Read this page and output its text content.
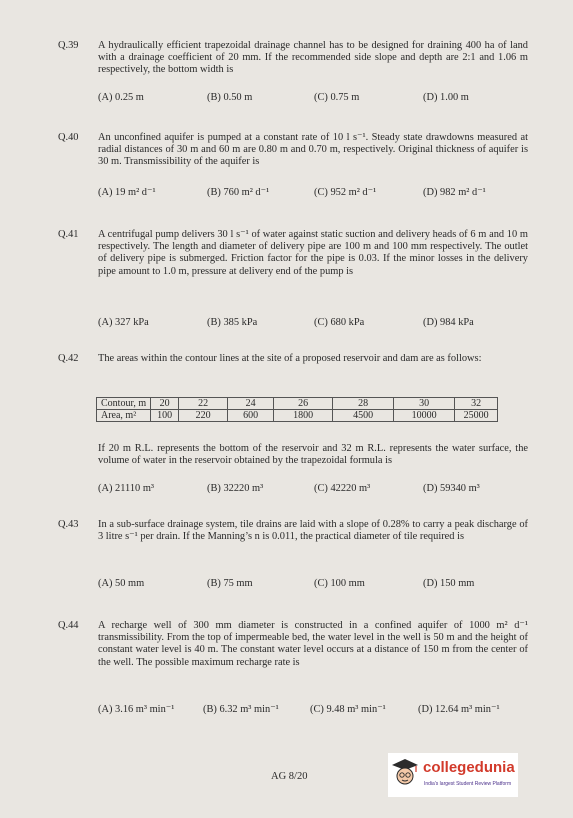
Q.39	A hydraulically efficient trapezoidal drainage channel has to be designed for draining 400 ha of land with a drainage coefficient of 20 mm. If the recommended side slope and depth are 2:1 and 1.06 m respectively, the bottom width is
(A) 0.25 m	(B) 0.50 m	(C) 0.75 m	(D) 1.00 m
Q.40	An unconfined aquifer is pumped at a constant rate of 10 l s⁻¹. Steady state drawdowns measured at radial distances of 30 m and 60 m are 0.80 m and 0.70 m, respectively. Original thickness of aquifer is 30 m. Transmissibility of the aquifer is
(A) 19 m² d⁻¹	(B) 760 m² d⁻¹	(C) 952 m² d⁻¹	(D) 982 m² d⁻¹
Q.41	A centrifugal pump delivers 30 l s⁻¹ of water against static suction and delivery heads of 6 m and 10 m respectively. The length and diameter of delivery pipe are 100 m and 100 mm respectively. The outlet of delivery pipe is submerged. Friction factor for the pipe is 0.03. If the minor losses in the delivery pipe amount to 1.0 m, pressure at delivery end of the pump is
(A) 327 kPa	(B) 385 kPa	(C) 680 kPa	(D) 984 kPa
Q.42	The areas within the contour lines at the site of a proposed reservoir and dam are as follows:
Contour, m	20	22	24	26	28	30	32
Area, m²	100	220	600	1800	4500	10000	25000
If 20 m R.L. represents the bottom of the reservoir and 32 m R.L. represents the water surface, the volume of water in the reservoir obtained by the trapezoidal formula is
(A) 21110 m³	(B) 32220 m³	(C) 42220 m³	(D) 59340 m³
Q.43	In a sub-surface drainage system, tile drains are laid with a slope of 0.28% to carry a peak discharge of 3 litre s⁻¹ per drain. If the Manning’s n is 0.011, the practical diameter of tile required is
(A) 50 mm	(B) 75 mm	(C) 100 mm	(D) 150 mm
Q.44	A recharge well of 300 mm diameter is constructed in a confined aquifer of 1000 m² d⁻¹ transmissibility. From the top of impermeable bed, the water level in the well is 50 m and the height of constant water level is 40 m. The constant water level occurs at a distance of 150 m from the center of the well. The possible maximum recharge rate is
(A) 3.16 m³ min⁻¹	(B) 6.32 m³ min⁻¹	(C) 9.48 m³ min⁻¹	(D) 12.64 m³ min⁻¹
AG 8/20
collegedunia
India's largest Student Review Platform
